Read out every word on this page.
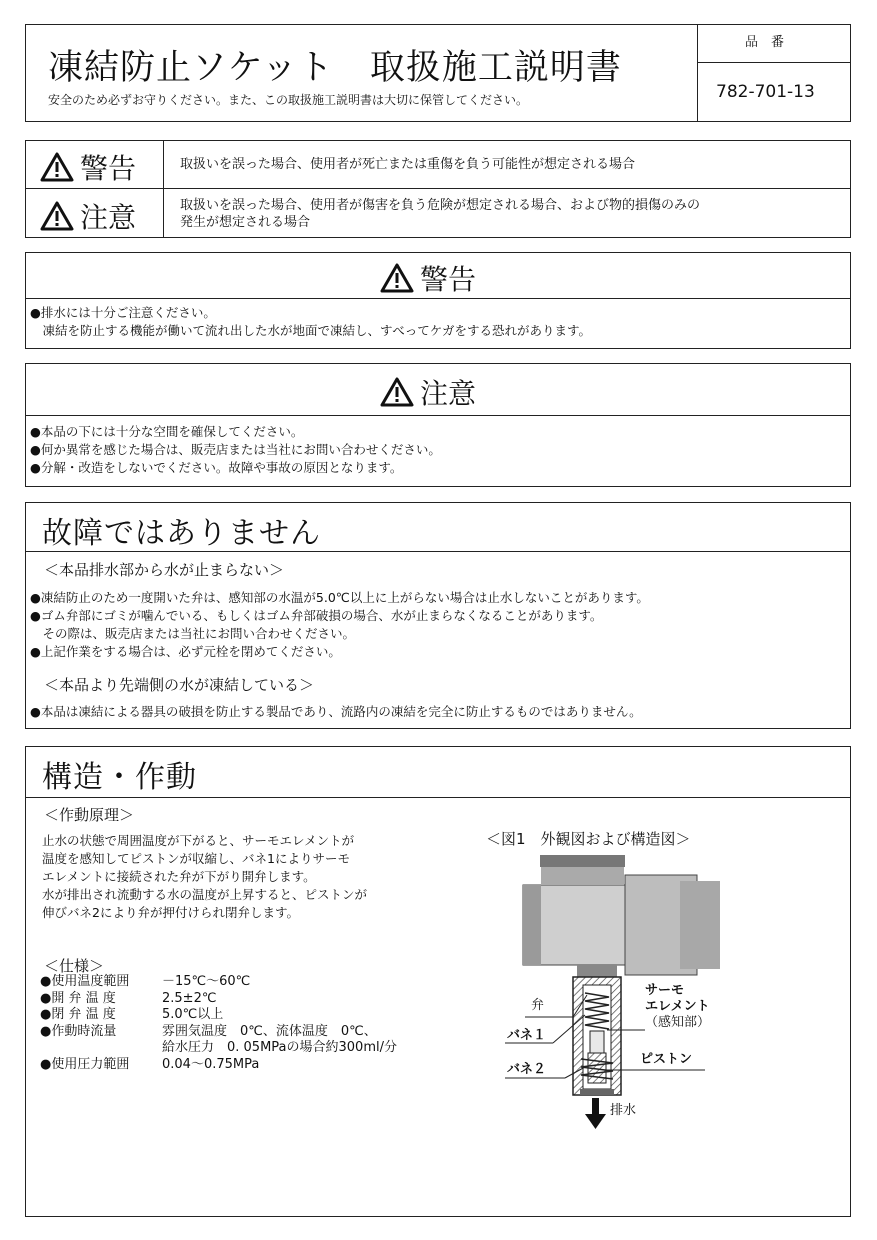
凍結防止ソケット　取扱施工説明書
安全のため必ずお守りください。また、この取扱施工説明書は大切に保管してください。
品　番
782-701-13
警告	取扱いを誤った場合、使用者が死亡または重傷を負う可能性が想定される場合
注意	取扱いを誤った場合、使用者が傷害を負う危険が想定される場合、および物的損傷のみの
発生が想定される場合
警告
●排水には十分ご注意ください。
　凍結を防止する機能が働いて流れ出した水が地面で凍結し、すべってケガをする恐れがあります。
注意
●本品の下には十分な空間を確保してください。
●何か異常を感じた場合は、販売店または当社にお問い合わせください。
●分解・改造をしないでください。故障や事故の原因となります。
故障ではありません
＜本品排水部から水が止まらない＞
●凍結防止のため一度開いた弁は、感知部の水温が5.0℃以上に上がらない場合は止水しないことがあります。
●ゴム弁部にゴミが噛んでいる、もしくはゴム弁部破損の場合、水が止まらなくなることがあります。
　その際は、販売店または当社にお問い合わせください。
●上記作業をする場合は、必ず元栓を閉めてください。
＜本品より先端側の水が凍結している＞
●本品は凍結による器具の破損を防止する製品であり、流路内の凍結を完全に防止するものではありません。
構造・作動
＜作動原理＞
止水の状態で周囲温度が下がると、サーモエレメントが
温度を感知してピストンが収縮し、バネ1によりサーモ
エレメントに接続された弁が下がり開弁します。
水が排出され流動する水の温度が上昇すると、ピストンが
伸びバネ2により弁が押付けられ閉弁します。
＜仕様＞
●使用温度範囲	－15℃～60℃
●開 弁 温 度	2.5±2℃
●閉 弁 温 度	5.0℃以上
●作動時流量	雰囲気温度　0℃、流体温度　0℃、
給水圧力　0. 05MPaの場合約300ml/分
●使用圧力範囲	0.04～0.75MPa
＜図1　外観図および構造図＞
弁
バネ１
バネ２
サーモ
エレメント
（感知部）
ピストン
排水
